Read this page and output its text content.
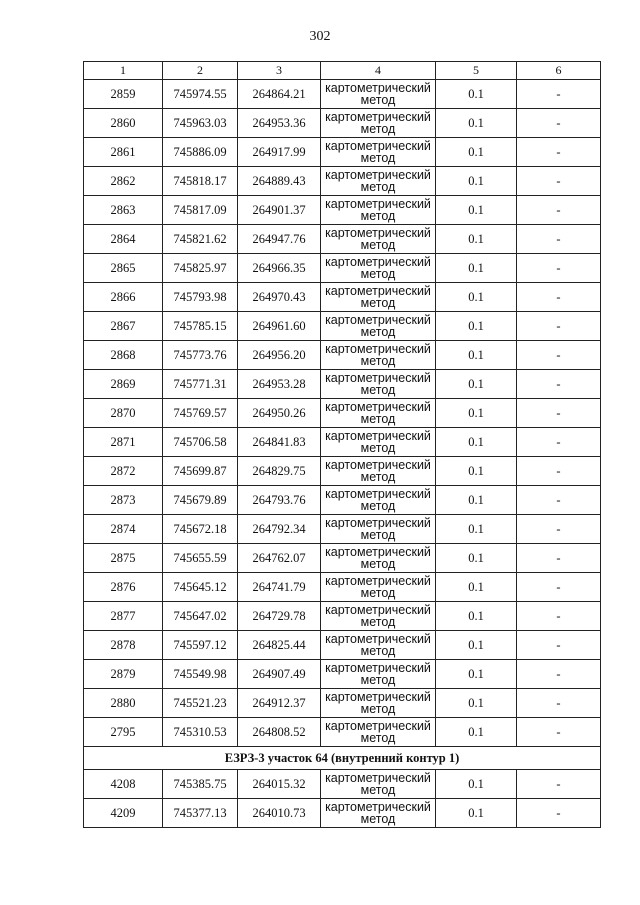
302
1	2	3	4	5	6
2859	745974.55	264864.21	картометрический метод	0.1	-
2860	745963.03	264953.36	картометрический метод	0.1	-
2861	745886.09	264917.99	картометрический метод	0.1	-
2862	745818.17	264889.43	картометрический метод	0.1	-
2863	745817.09	264901.37	картометрический метод	0.1	-
2864	745821.62	264947.76	картометрический метод	0.1	-
2865	745825.97	264966.35	картометрический метод	0.1	-
2866	745793.98	264970.43	картометрический метод	0.1	-
2867	745785.15	264961.60	картометрический метод	0.1	-
2868	745773.76	264956.20	картометрический метод	0.1	-
2869	745771.31	264953.28	картометрический метод	0.1	-
2870	745769.57	264950.26	картометрический метод	0.1	-
2871	745706.58	264841.83	картометрический метод	0.1	-
2872	745699.87	264829.75	картометрический метод	0.1	-
2873	745679.89	264793.76	картометрический метод	0.1	-
2874	745672.18	264792.34	картометрический метод	0.1	-
2875	745655.59	264762.07	картометрический метод	0.1	-
2876	745645.12	264741.79	картометрический метод	0.1	-
2877	745647.02	264729.78	картометрический метод	0.1	-
2878	745597.12	264825.44	картометрический метод	0.1	-
2879	745549.98	264907.49	картометрический метод	0.1	-
2880	745521.23	264912.37	картометрический метод	0.1	-
2795	745310.53	264808.52	картометрический метод	0.1	-
ЕЗРЗ-3 участок 64 (внутренний контур 1)					
4208	745385.75	264015.32	картометрический метод	0.1	-
4209	745377.13	264010.73	картометрический метод	0.1	-
